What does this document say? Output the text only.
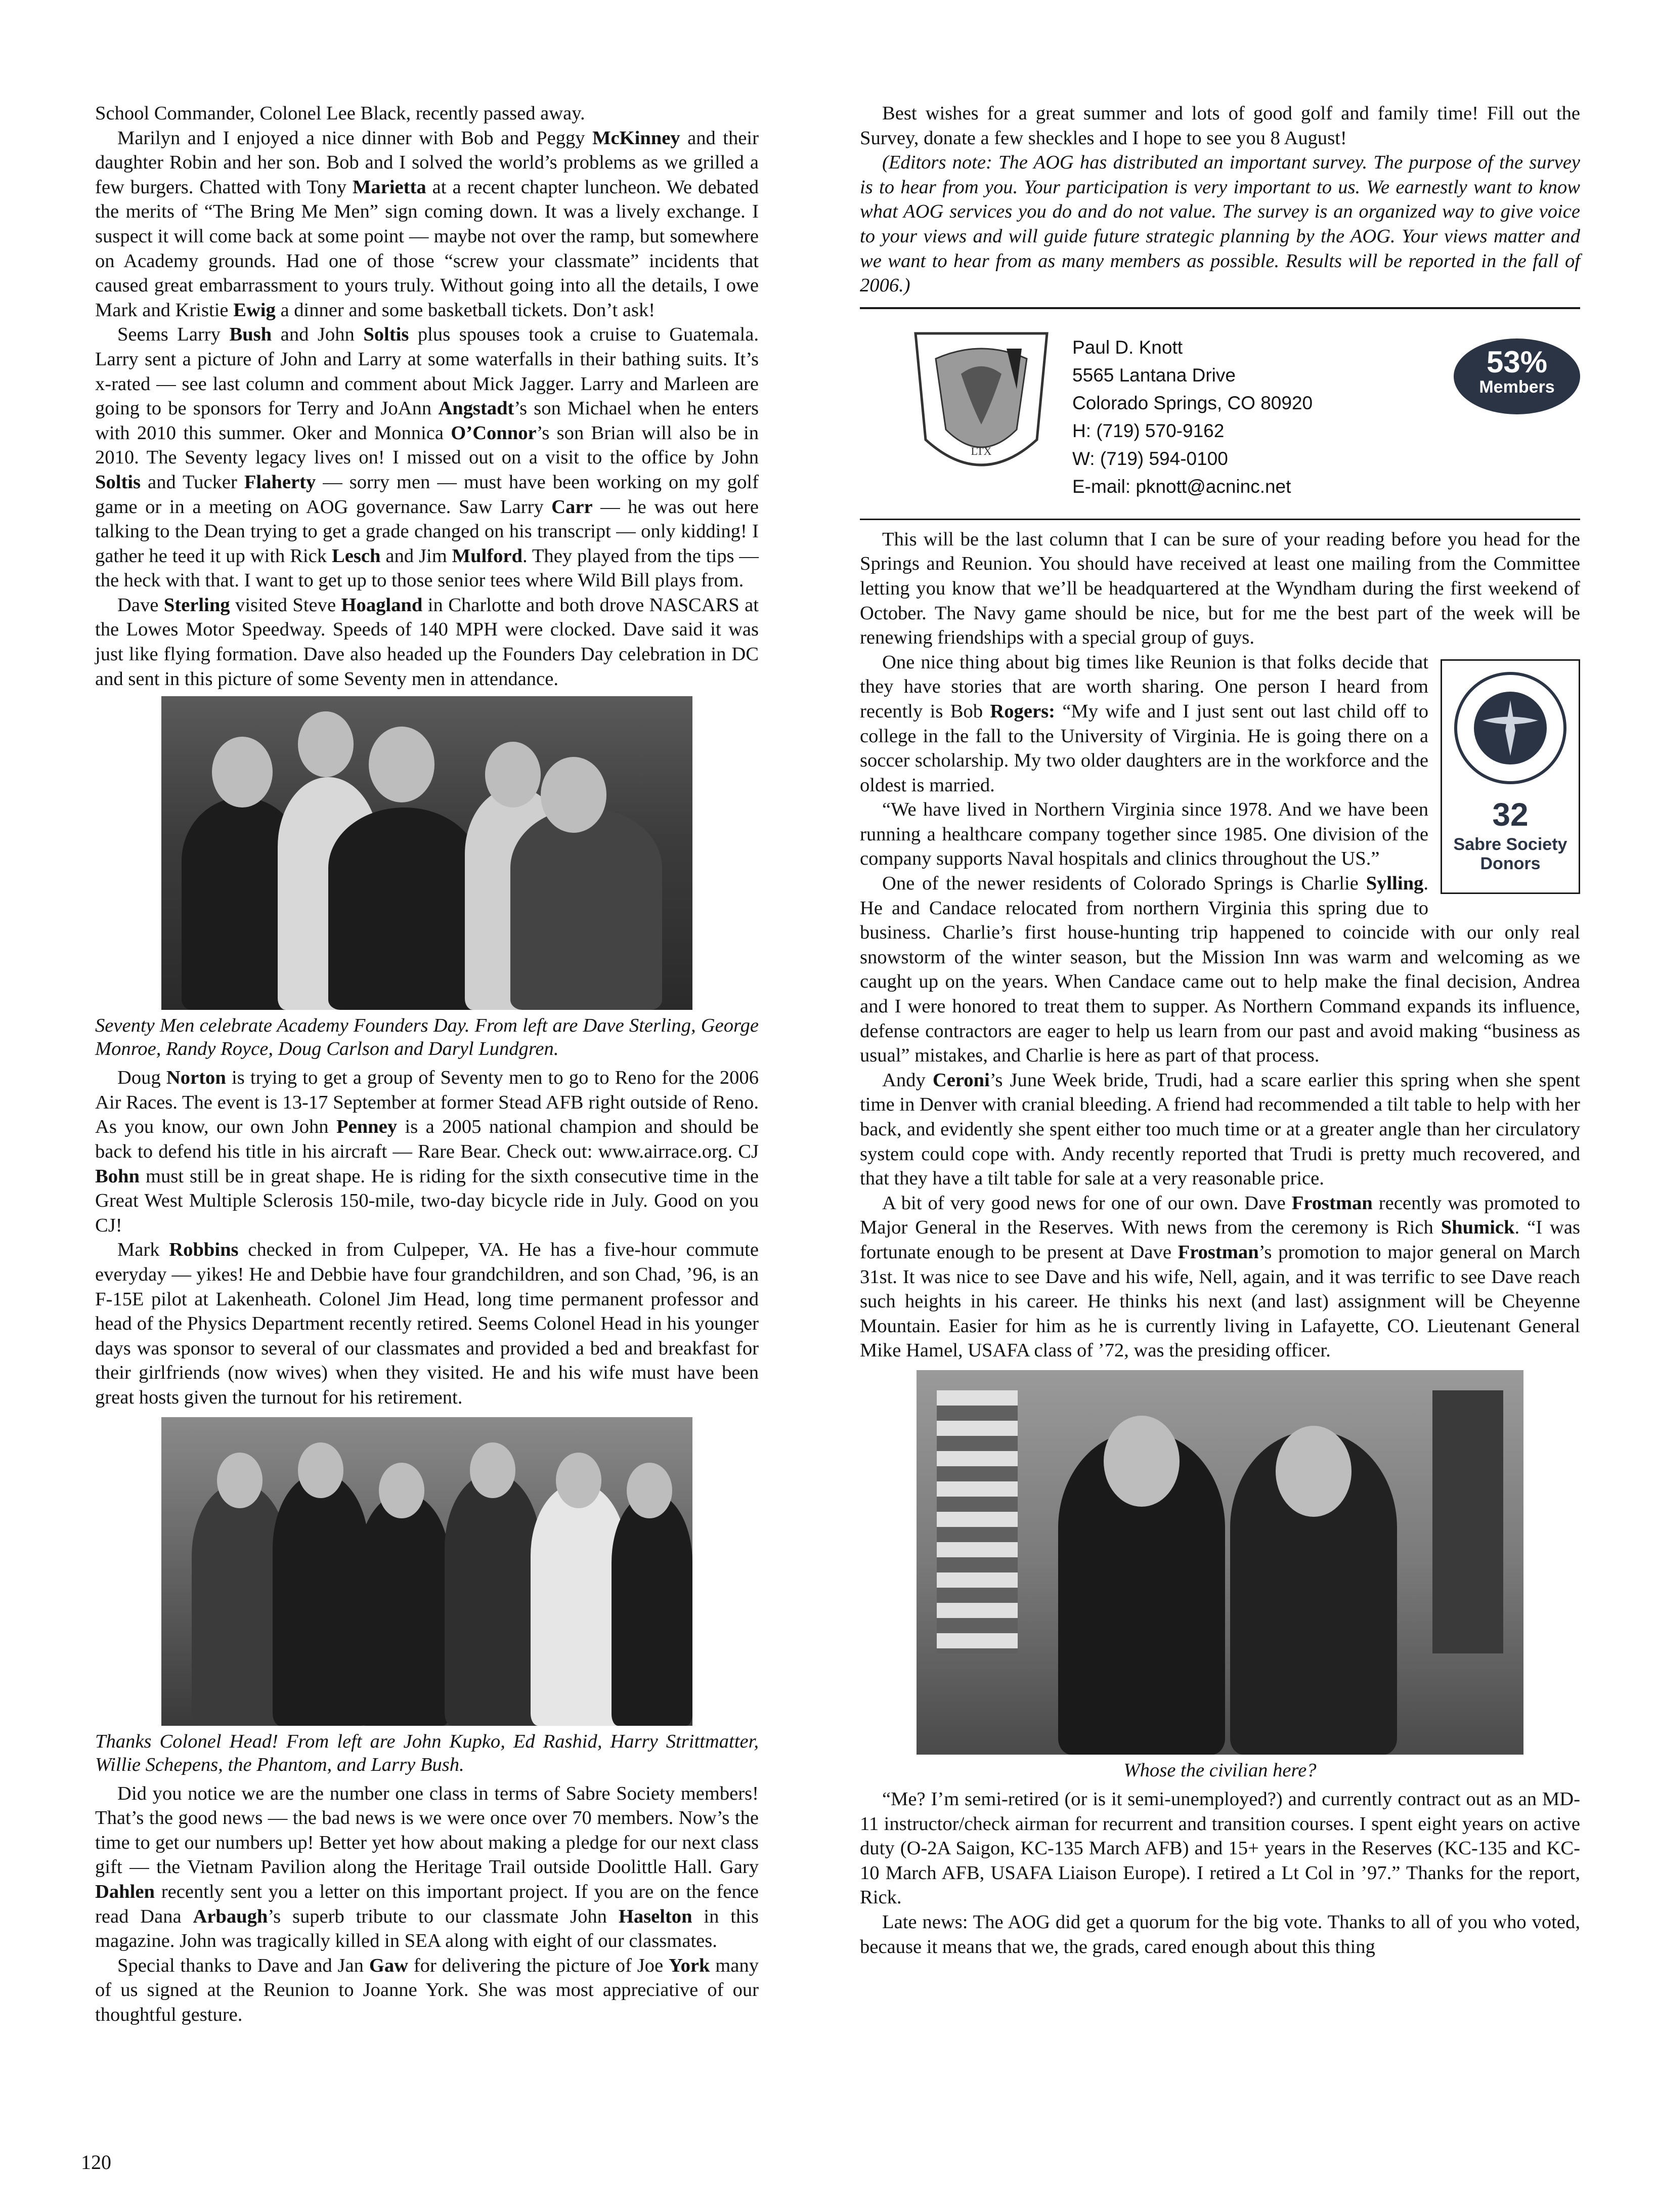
School Commander, Colonel Lee Black, recently passed away.

Marilyn and I enjoyed a nice dinner with Bob and Peggy McKinney and their daughter Robin and her son. Bob and I solved the world’s problems as we grilled a few burgers. Chatted with Tony Marietta at a recent chapter luncheon. We debated the merits of “The Bring Me Men” sign coming down. It was a lively exchange. I suspect it will come back at some point — maybe not over the ramp, but somewhere on Academy grounds. Had one of those “screw your classmate” incidents that caused great embarrassment to yours truly. Without going into all the details, I owe Mark and Kristie Ewig a dinner and some basketball tickets. Don’t ask!

Seems Larry Bush and John Soltis plus spouses took a cruise to Guatemala. Larry sent a picture of John and Larry at some waterfalls in their bathing suits. It’s x-rated — see last column and comment about Mick Jagger. Larry and Marleen are going to be sponsors for Terry and JoAnn Angstadt’s son Michael when he enters with 2010 this summer. Oker and Monnica O’Connor’s son Brian will also be in 2010. The Seventy legacy lives on! I missed out on a visit to the office by John Soltis and Tucker Flaherty — sorry men — must have been working on my golf game or in a meeting on AOG governance. Saw Larry Carr — he was out here talking to the Dean trying to get a grade changed on his transcript — only kidding! I gather he teed it up with Rick Lesch and Jim Mulford. They played from the tips — the heck with that. I want to get up to those senior tees where Wild Bill plays from.

Dave Sterling visited Steve Hoagland in Charlotte and both drove NASCARS at the Lowes Motor Speedway. Speeds of 140 MPH were clocked. Dave said it was just like flying formation. Dave also headed up the Founders Day celebration in DC and sent in this picture of some Seventy men in attendance.

Seventy Men celebrate Academy Founders Day. From left are Dave Sterling, George Monroe, Randy Royce, Doug Carlson and Daryl Lundgren.

Doug Norton is trying to get a group of Seventy men to go to Reno for the 2006 Air Races. The event is 13-17 September at former Stead AFB right outside of Reno. As you know, our own John Penney is a 2005 national champion and should be back to defend his title in his aircraft — Rare Bear. Check out: www.airrace.org. CJ Bohn must still be in great shape. He is riding for the sixth consecutive time in the Great West Multiple Sclerosis 150-mile, two-day bicycle ride in July. Good on you CJ!

Mark Robbins checked in from Culpeper, VA. He has a five-hour commute everyday — yikes! He and Debbie have four grandchildren, and son Chad, ’96, is an F-15E pilot at Lakenheath. Colonel Jim Head, long time permanent professor and head of the Physics Department recently retired. Seems Colonel Head in his younger days was sponsor to several of our classmates and provided a bed and breakfast for their girlfriends (now wives) when they visited. He and his wife must have been great hosts given the turnout for his retirement.

Thanks Colonel Head! From left are John Kupko, Ed Rashid, Harry Strittmatter, Willie Schepens, the Phantom, and Larry Bush.

Did you notice we are the number one class in terms of Sabre Society members! That’s the good news — the bad news is we were once over 70 members. Now’s the time to get our numbers up! Better yet how about making a pledge for our next class gift — the Vietnam Pavilion along the Heritage Trail outside Doolittle Hall. Gary Dahlen recently sent you a letter on this important project. If you are on the fence read Dana Arbaugh’s superb tribute to our classmate John Haselton in this magazine. John was tragically killed in SEA along with eight of our classmates.

Special thanks to Dave and Jan Gaw for delivering the picture of Joe York many of us signed at the Reunion to Joanne York. She was most appreciative of our thoughtful gesture.

Best wishes for a great summer and lots of good golf and family time! Fill out the Survey, donate a few sheckles and I hope to see you 8 August!

(Editors note: The AOG has distributed an important survey. The purpose of the survey is to hear from you. Your participation is very important to us. We earnestly want to know what AOG services you do and do not value. The survey is an organized way to give voice to your views and will guide future strategic planning by the AOG. Your views matter and we want to hear from as many members as possible. Results will be reported in the fall of 2006.)

LTX
Paul D. Knott
5565 Lantana Drive
Colorado Springs, CO 80920
H: (719) 570-9162
W: (719) 594-0100
E-mail: pknott@acninc.net
53%
Members

This will be the last column that I can be sure of your reading before you head for the Springs and Reunion. You should have received at least one mailing from the Committee letting you know that we’ll be headquartered at the Wyndham during the first weekend of October. The Navy game should be nice, but for me the best part of the week will be renewing friendships with a special group of guys.

32
Sabre Society
Donors

One nice thing about big times like Reunion is that folks decide that they have stories that are worth sharing. One person I heard from recently is Bob Rogers: “My wife and I just sent out last child off to college in the fall to the University of Virginia. He is going there on a soccer scholarship. My two older daughters are in the workforce and the oldest is married.

“We have lived in Northern Virginia since 1978. And we have been running a healthcare company together since 1985. One division of the company supports Naval hospitals and clinics throughout the US.”

One of the newer residents of Colorado Springs is Charlie Sylling. He and Candace relocated from northern Virginia this spring due to business. Charlie’s first house-hunting trip happened to coincide with our only real snowstorm of the winter season, but the Mission Inn was warm and welcoming as we caught up on the years. When Candace came out to help make the final decision, Andrea and I were honored to treat them to supper. As Northern Command expands its influence, defense contractors are eager to help us learn from our past and avoid making “business as usual” mistakes, and Charlie is here as part of that process.

Andy Ceroni’s June Week bride, Trudi, had a scare earlier this spring when she spent time in Denver with cranial bleeding. A friend had recommended a tilt table to help with her back, and evidently she spent either too much time or at a greater angle than her circulatory system could cope with. Andy recently reported that Trudi is pretty much recovered, and that they have a tilt table for sale at a very reasonable price.

A bit of very good news for one of our own. Dave Frostman recently was promoted to Major General in the Reserves. With news from the ceremony is Rich Shumick. “I was fortunate enough to be present at Dave Frostman’s promotion to major general on March 31st. It was nice to see Dave and his wife, Nell, again, and it was terrific to see Dave reach such heights in his career. He thinks his next (and last) assignment will be Cheyenne Mountain. Easier for him as he is currently living in Lafayette, CO. Lieutenant General Mike Hamel, USAFA class of ’72, was the presiding officer.

Whose the civilian here?

“Me? I’m semi-retired (or is it semi-unemployed?) and currently contract out as an MD-11 instructor/check airman for recurrent and transition courses. I spent eight years on active duty (O-2A Saigon, KC-135 March AFB) and 15+ years in the Reserves (KC-135 and KC-10 March AFB, USAFA Liaison Europe). I retired a Lt Col in ’97.” Thanks for the report, Rick.

Late news: The AOG did get a quorum for the big vote. Thanks to all of you who voted, because it means that we, the grads, cared enough about this thing

120
